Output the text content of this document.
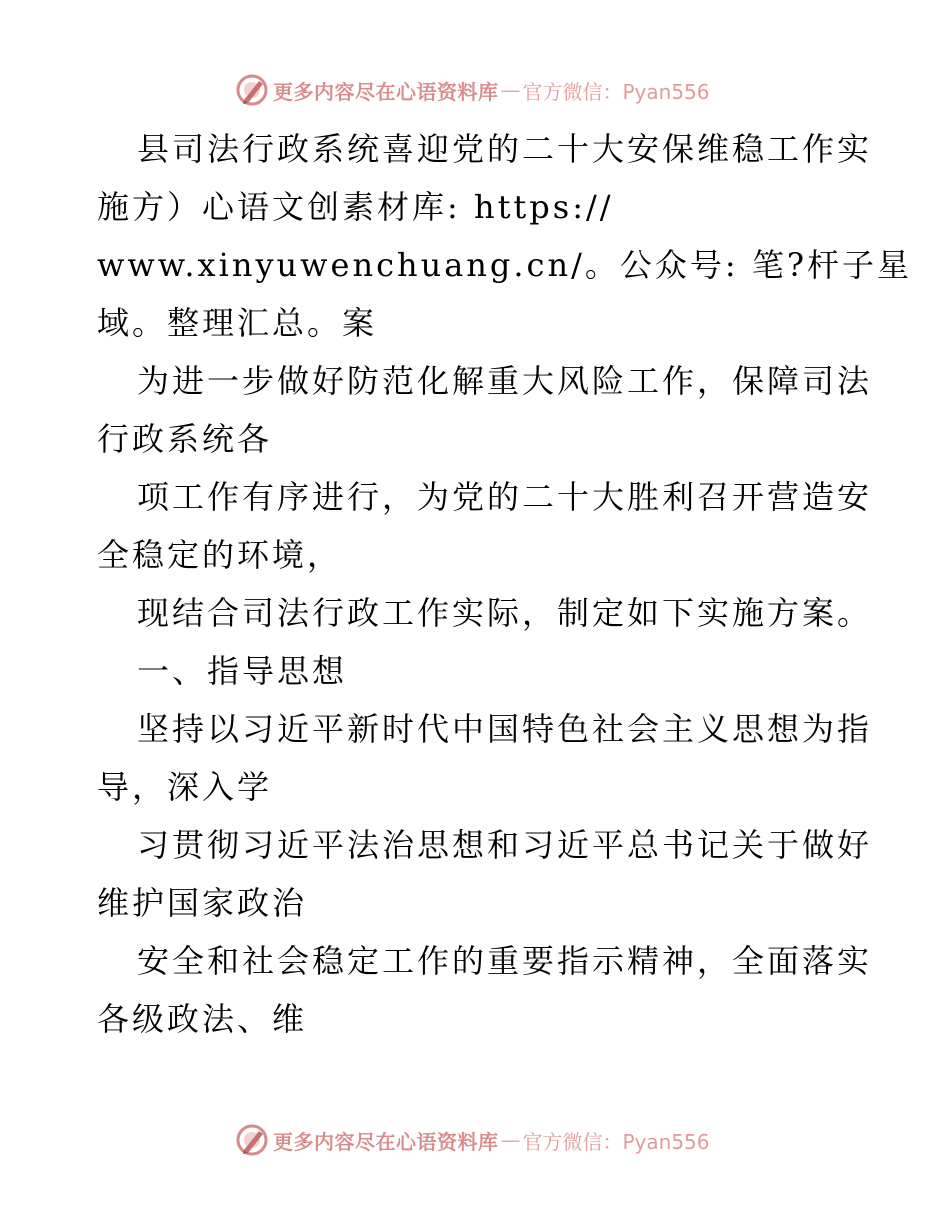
更多内容尽在心语资料库 — 官方微信：Pyan556
县司法行政系统喜迎党的二十大安保维稳工作实
施方）心语文创素材库: https://
www.xinyuwenchuang.cn/。公众号: 笔?杆子星
域。整理汇总。案
为进一步做好防范化解重大风险工作，保障司法
行政系统各
项工作有序进行，为党的二十大胜利召开营造安
全稳定的环境，
现结合司法行政工作实际，制定如下实施方案。
一、指导思想
坚持以习近平新时代中国特色社会主义思想为指
导，深入学
习贯彻习近平法治思想和习近平总书记关于做好
维护国家政治
安全和社会稳定工作的重要指示精神，全面落实
各级政法、维
更多内容尽在心语资料库 — 官方微信：Pyan556
